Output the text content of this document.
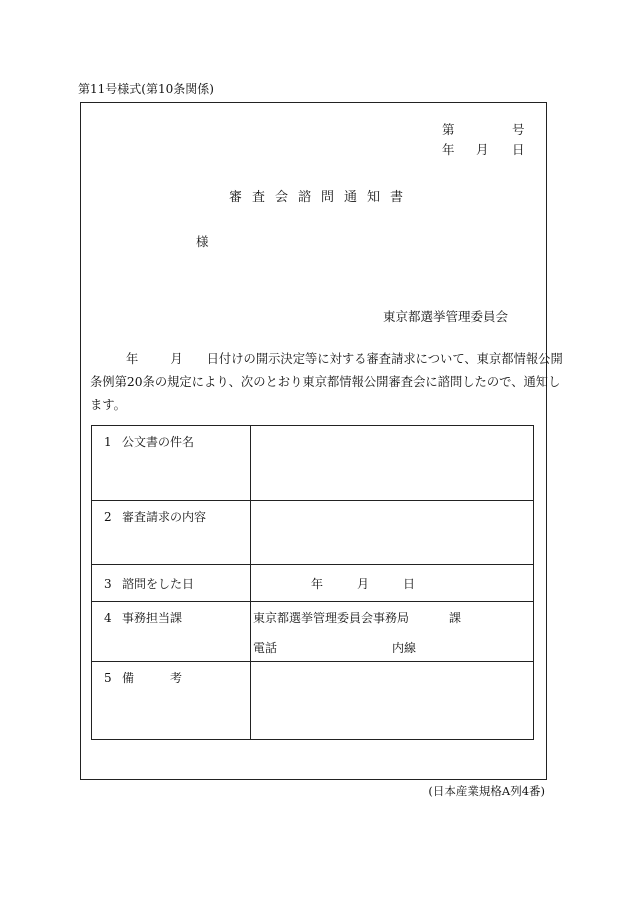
第11号様式(第10条関係)
第	号
年 月 日
審査会諮問通知書
様
東京都選挙管理委員会
年	月 日付けの開示決定等に対する審査請求について、東京都情報公開
条例第20条の規定により、次のとおり東京都情報公開審査会に諮問したので、通知し
ます。
1 公文書の件名	

2 審査請求の内容	

3 諮問をした日	年 月 日

4 事務担当課	東京都選挙管理委員会事務局 課
電話 内線

5 備　　　考	

(日本産業規格A列4番)
